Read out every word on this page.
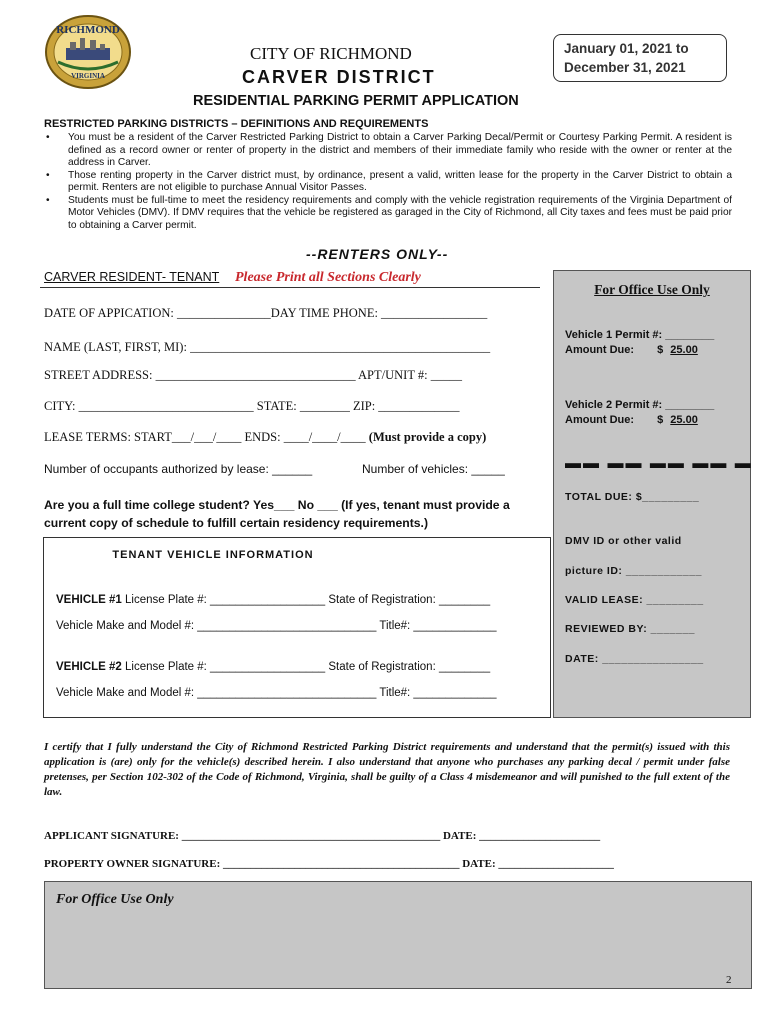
RICHMOND
VIRGINIA
CITY OF RICHMOND
CARVER DISTRICT
January 01, 2021 to
December 31, 2021
RESIDENTIAL PARKING PERMIT APPLICATION
RESTRICTED PARKING DISTRICTS – DEFINITIONS AND REQUIREMENTS
• You must be a resident of the Carver Restricted Parking District to obtain a Carver Parking Decal/Permit or Courtesy Parking Permit. A resident is defined as a record owner or renter of property in the district and members of their immediate family who reside with the owner or renter at the address in Carver.
• Those renting property in the Carver district must, by ordinance, present a valid, written lease for the property in the Carver District to obtain a permit. Renters are not eligible to purchase Annual Visitor Passes.
• Students must be full-time to meet the residency requirements and comply with the vehicle registration requirements of the Virginia Department of Motor Vehicles (DMV). If DMV requires that the vehicle be registered as garaged in the City of Richmond, all City taxes and fees must be paid prior to obtaining a Carver permit.
--RENTERS ONLY--
CARVER RESIDENT- TENANT Please Print all Sections Clearly
DATE OF APPICATION: _______________DAY TIME PHONE: _________________
NAME (LAST, FIRST, MI): ________________________________________________
STREET ADDRESS: ________________________________ APT/UNIT #: _____
CITY: ____________________________ STATE: ________ ZIP: _____________
LEASE TERMS: START___/___/____ ENDS: ____/____/____ (Must provide a copy)
Number of occupants authorized by lease: ______	Number of vehicles: _____
Are you a full time college student? Yes___ No ___ (If yes, tenant must provide a
current copy of schedule to fulfill certain residency requirements.)
TENANT VEHICLE INFORMATION
VEHICLE #1 License Plate #: __________________ State of Registration: ________
Vehicle Make and Model #: ____________________________ Title#: _____________
VEHICLE #2 License Plate #: __________________ State of Registration: ________
Vehicle Make and Model #: ____________________________ Title#: _____________
For Office Use Only
Vehicle 1 Permit #: ________
Amount Due: $ 25.00
Vehicle 2 Permit #: ________
Amount Due: $ 25.00
▬▬ ▬▬ ▬▬ ▬▬ ▬
TOTAL DUE: $_________
DMV ID or other valid
picture ID: ____________
VALID LEASE: _________
REVIEWED BY: _______
DATE: ________________
I certify that I fully understand the City of Richmond Restricted Parking District requirements and understand that the permit(s) issued with this application is (are) only for the vehicle(s) described herein. I also understand that anyone who purchases any parking decal / permit under false pretenses, per Section 102-302 of the Code of Richmond, Virginia, shall be guilty of a Class 4 misdemeanor and will punished to the full extent of the law.
APPLICANT SIGNATURE: _______________________________________________ DATE: ______________________
PROPERTY OWNER SIGNATURE: ___________________________________________ DATE: _____________________
For Office Use Only
2
